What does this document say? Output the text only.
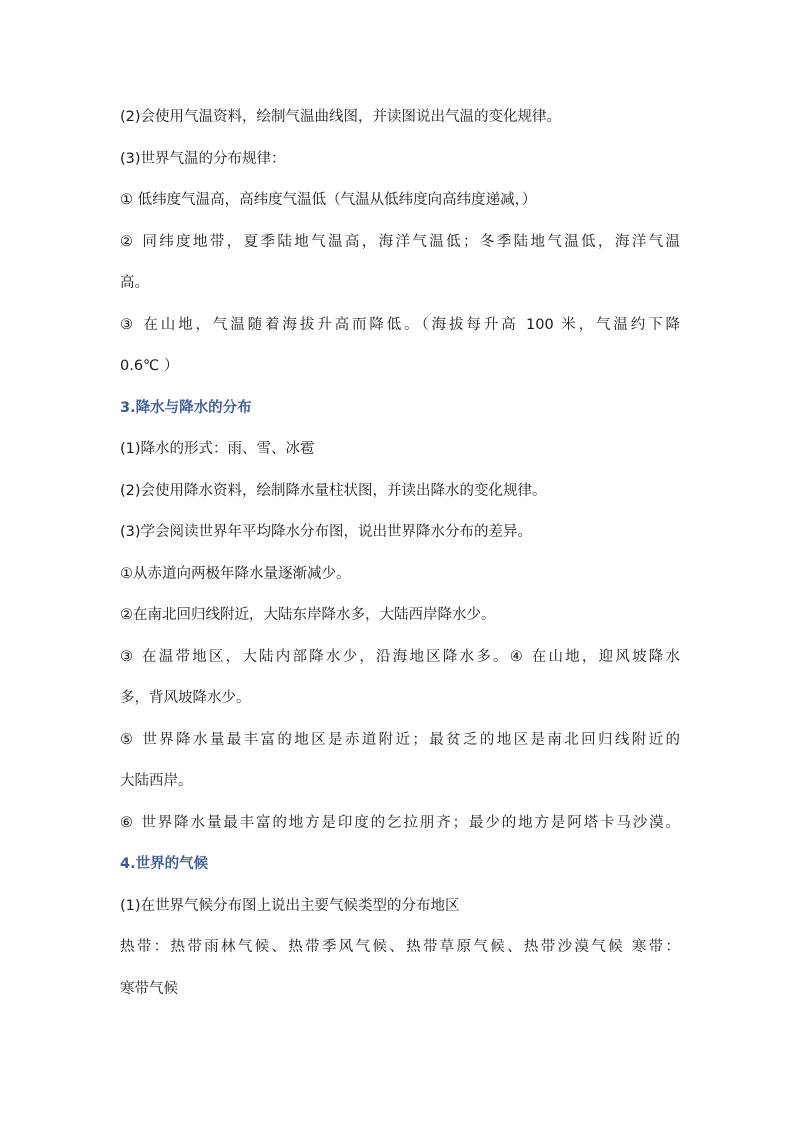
(2)会使用气温资料，绘制气温曲线图，并读图说出气温的变化规律。
(3)世界气温的分布规律：
① 低纬度气温高，高纬度气温低（气温从低纬度向高纬度递减，）
② 同纬度地带，夏季陆地气温高，海洋气温低；冬季陆地气温低，海洋气温
高。
③ 在山地，气温随着海拔升高而降低。（海拔每升高 100 米，气温约下降
0.6℃ ）
3.降水与降水的分布
(1)降水的形式：雨、雪、冰雹
(2)会使用降水资料，绘制降水量柱状图，并读出降水的变化规律。
(3)学会阅读世界年平均降水分布图，说出世界降水分布的差异。
①从赤道向两极年降水量逐渐减少。
②在南北回归线附近，大陆东岸降水多，大陆西岸降水少。
③ 在温带地区，大陆内部降水少，沿海地区降水多。④ 在山地，迎风坡降水
多，背风坡降水少。
⑤ 世界降水量最丰富的地区是赤道附近；最贫乏的地区是南北回归线附近的
大陆西岸。
⑥ 世界降水量最丰富的地方是印度的乞拉朋齐；最少的地方是阿塔卡马沙漠。
4.世界的气候
(1)在世界气候分布图上说出主要气候类型的分布地区
热带：热带雨林气候、热带季风气候、热带草原气候、热带沙漠气候 寒带：
寒带气候
